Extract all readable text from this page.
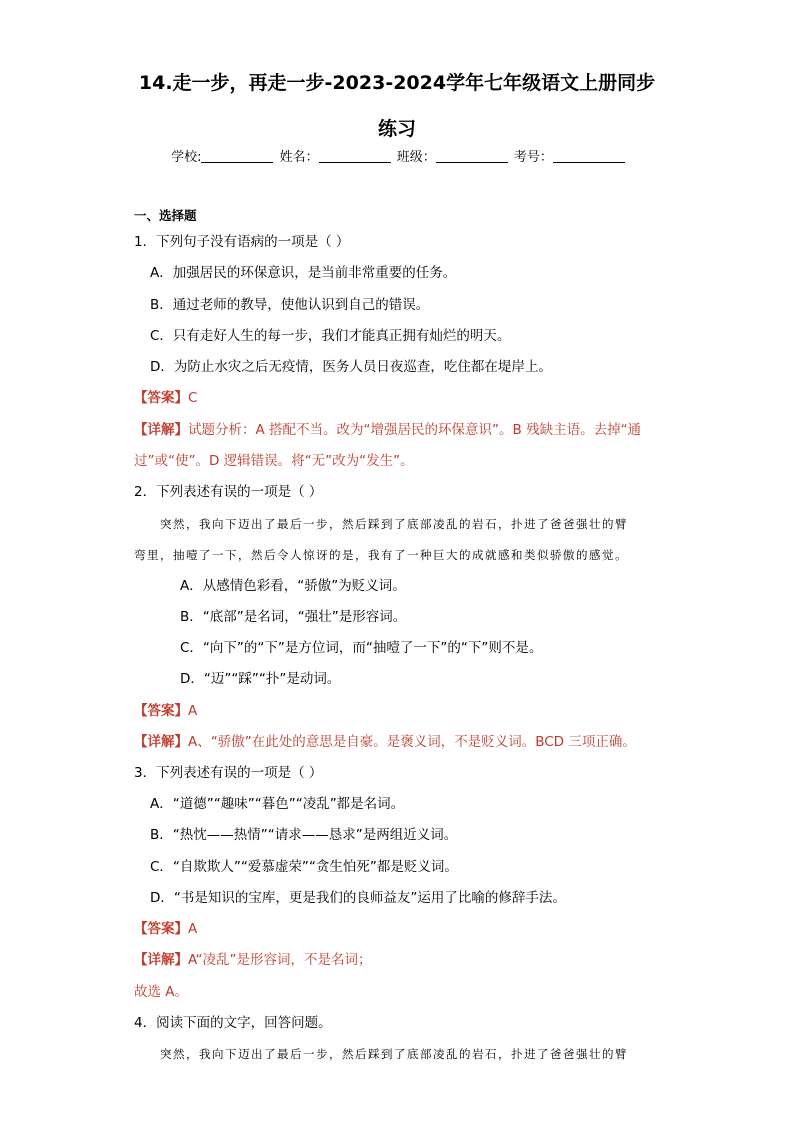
14.走一步，再走一步-2023-2024学年七年级语文上册同步
练习
学校:	姓名：	班级：	考号：
一、选择题
1．下列句子没有语病的一项是（ ）
A．加强居民的环保意识，是当前非常重要的任务。
B．通过老师的教导，使他认识到自己的错误。
C．只有走好人生的每一步，我们才能真正拥有灿烂的明天。
D．为防止水灾之后无疫情，医务人员日夜巡查，吃住都在堤岸上。
【答案】C
【详解】试题分析：A 搭配不当。改为“增强居民的环保意识”。B 残缺主语。去掉“通
过”或“使”。D 逻辑错误。将“无”改为“发生”。
2．下列表述有误的一项是（ ）
突然，我向下迈出了最后一步，然后踩到了底部凌乱的岩石，扑进了爸爸强壮的臂
弯里，抽噎了一下，然后令人惊讶的是，我有了一种巨大的成就感和类似骄傲的感觉。
A．从感情色彩看，“骄傲”为贬义词。
B．“底部”是名词，“强壮”是形容词。
C．“向下”的“下”是方位词，而“抽噎了一下”的“下”则不是。
D．“迈”“踩”“扑”是动词。
【答案】A
【详解】A、“骄傲”在此处的意思是自豪。是褒义词，不是贬义词。BCD 三项正确。
3．下列表述有误的一项是（ ）
A．“道德”“趣味”“暮色”“凌乱”都是名词。
B．“热忱——热情”“请求——恳求”是两组近义词。
C．“自欺欺人”“爱慕虚荣”“贪生怕死”都是贬义词。
D．“书是知识的宝库，更是我们的良师益友”运用了比喻的修辞手法。
【答案】A
【详解】A“凌乱”是形容词，不是名词；
故选 A。
4．阅读下面的文字，回答问题。
突然，我向下迈出了最后一步，然后踩到了底部凌乱的岩石，扑进了爸爸强壮的臂
